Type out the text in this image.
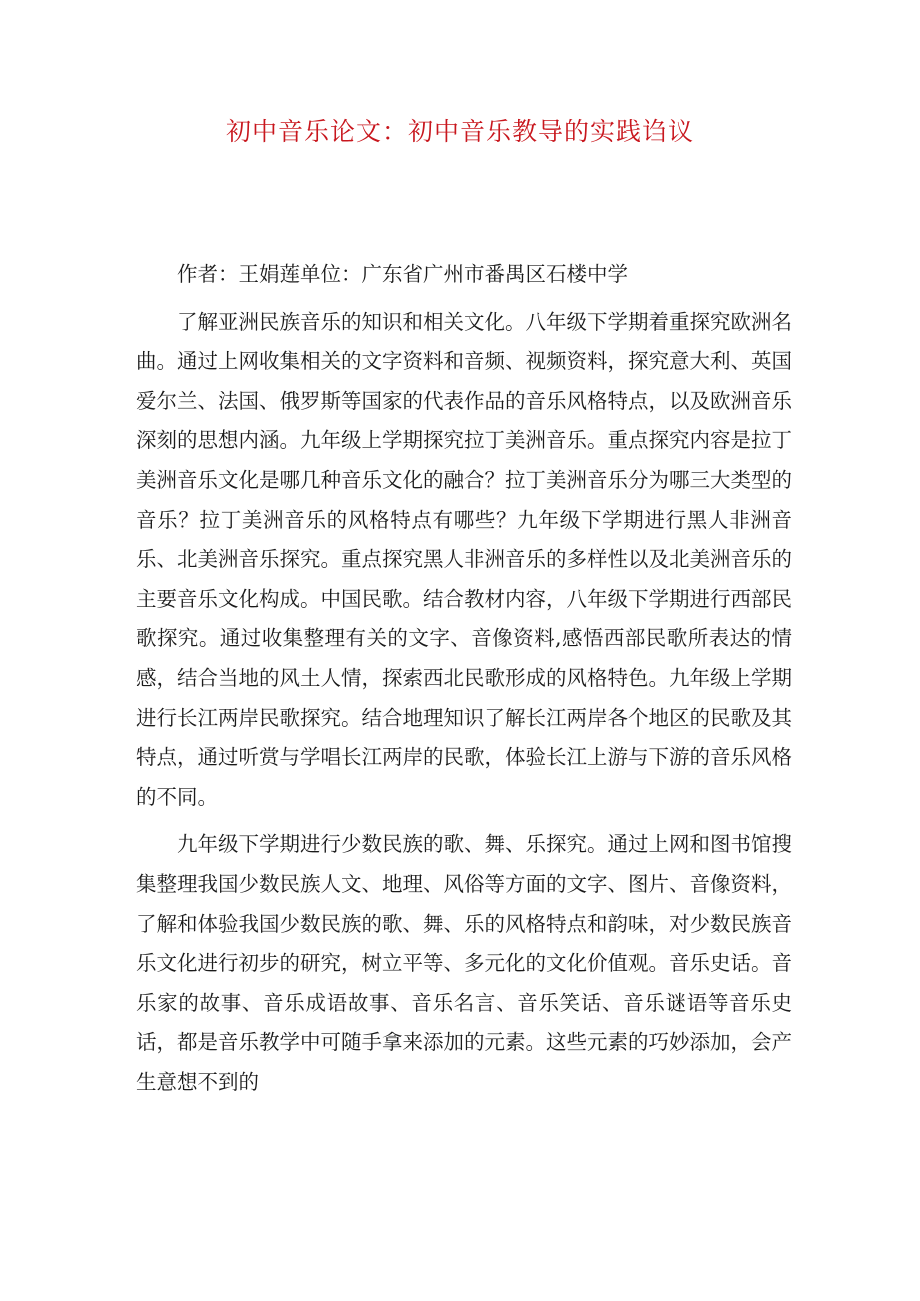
初中音乐论文：初中音乐教导的实践诌议

作者：王娟莲单位：广东省广州市番禺区石楼中学

了解亚洲民族音乐的知识和相关文化。八年级下学期着重探究欧洲名曲。通过上网收集相关的文字资料和音频、视频资料，探究意大利、英国爱尔兰、法国、俄罗斯等国家的代表作品的音乐风格特点，以及欧洲音乐深刻的思想内涵。九年级上学期探究拉丁美洲音乐。重点探究内容是拉丁美洲音乐文化是哪几种音乐文化的融合？拉丁美洲音乐分为哪三大类型的音乐？拉丁美洲音乐的风格特点有哪些？九年级下学期进行黑人非洲音乐、北美洲音乐探究。重点探究黑人非洲音乐的多样性以及北美洲音乐的主要音乐文化构成。中国民歌。结合教材内容，八年级下学期进行西部民歌探究。通过收集整理有关的文字、音像资料,感悟西部民歌所表达的情感，结合当地的风土人情，探索西北民歌形成的风格特色。九年级上学期进行长江两岸民歌探究。结合地理知识了解长江两岸各个地区的民歌及其特点，通过听赏与学唱长江两岸的民歌，体验长江上游与下游的音乐风格的不同。

九年级下学期进行少数民族的歌、舞、乐探究。通过上网和图书馆搜集整理我国少数民族人文、地理、风俗等方面的文字、图片、音像资料，了解和体验我国少数民族的歌、舞、乐的风格特点和韵味，对少数民族音乐文化进行初步的研究，树立平等、多元化的文化价值观。音乐史话。音乐家的故事、音乐成语故事、音乐名言、音乐笑话、音乐谜语等音乐史话，都是音乐教学中可随手拿来添加的元素。这些元素的巧妙添加，会产生意想不到的
